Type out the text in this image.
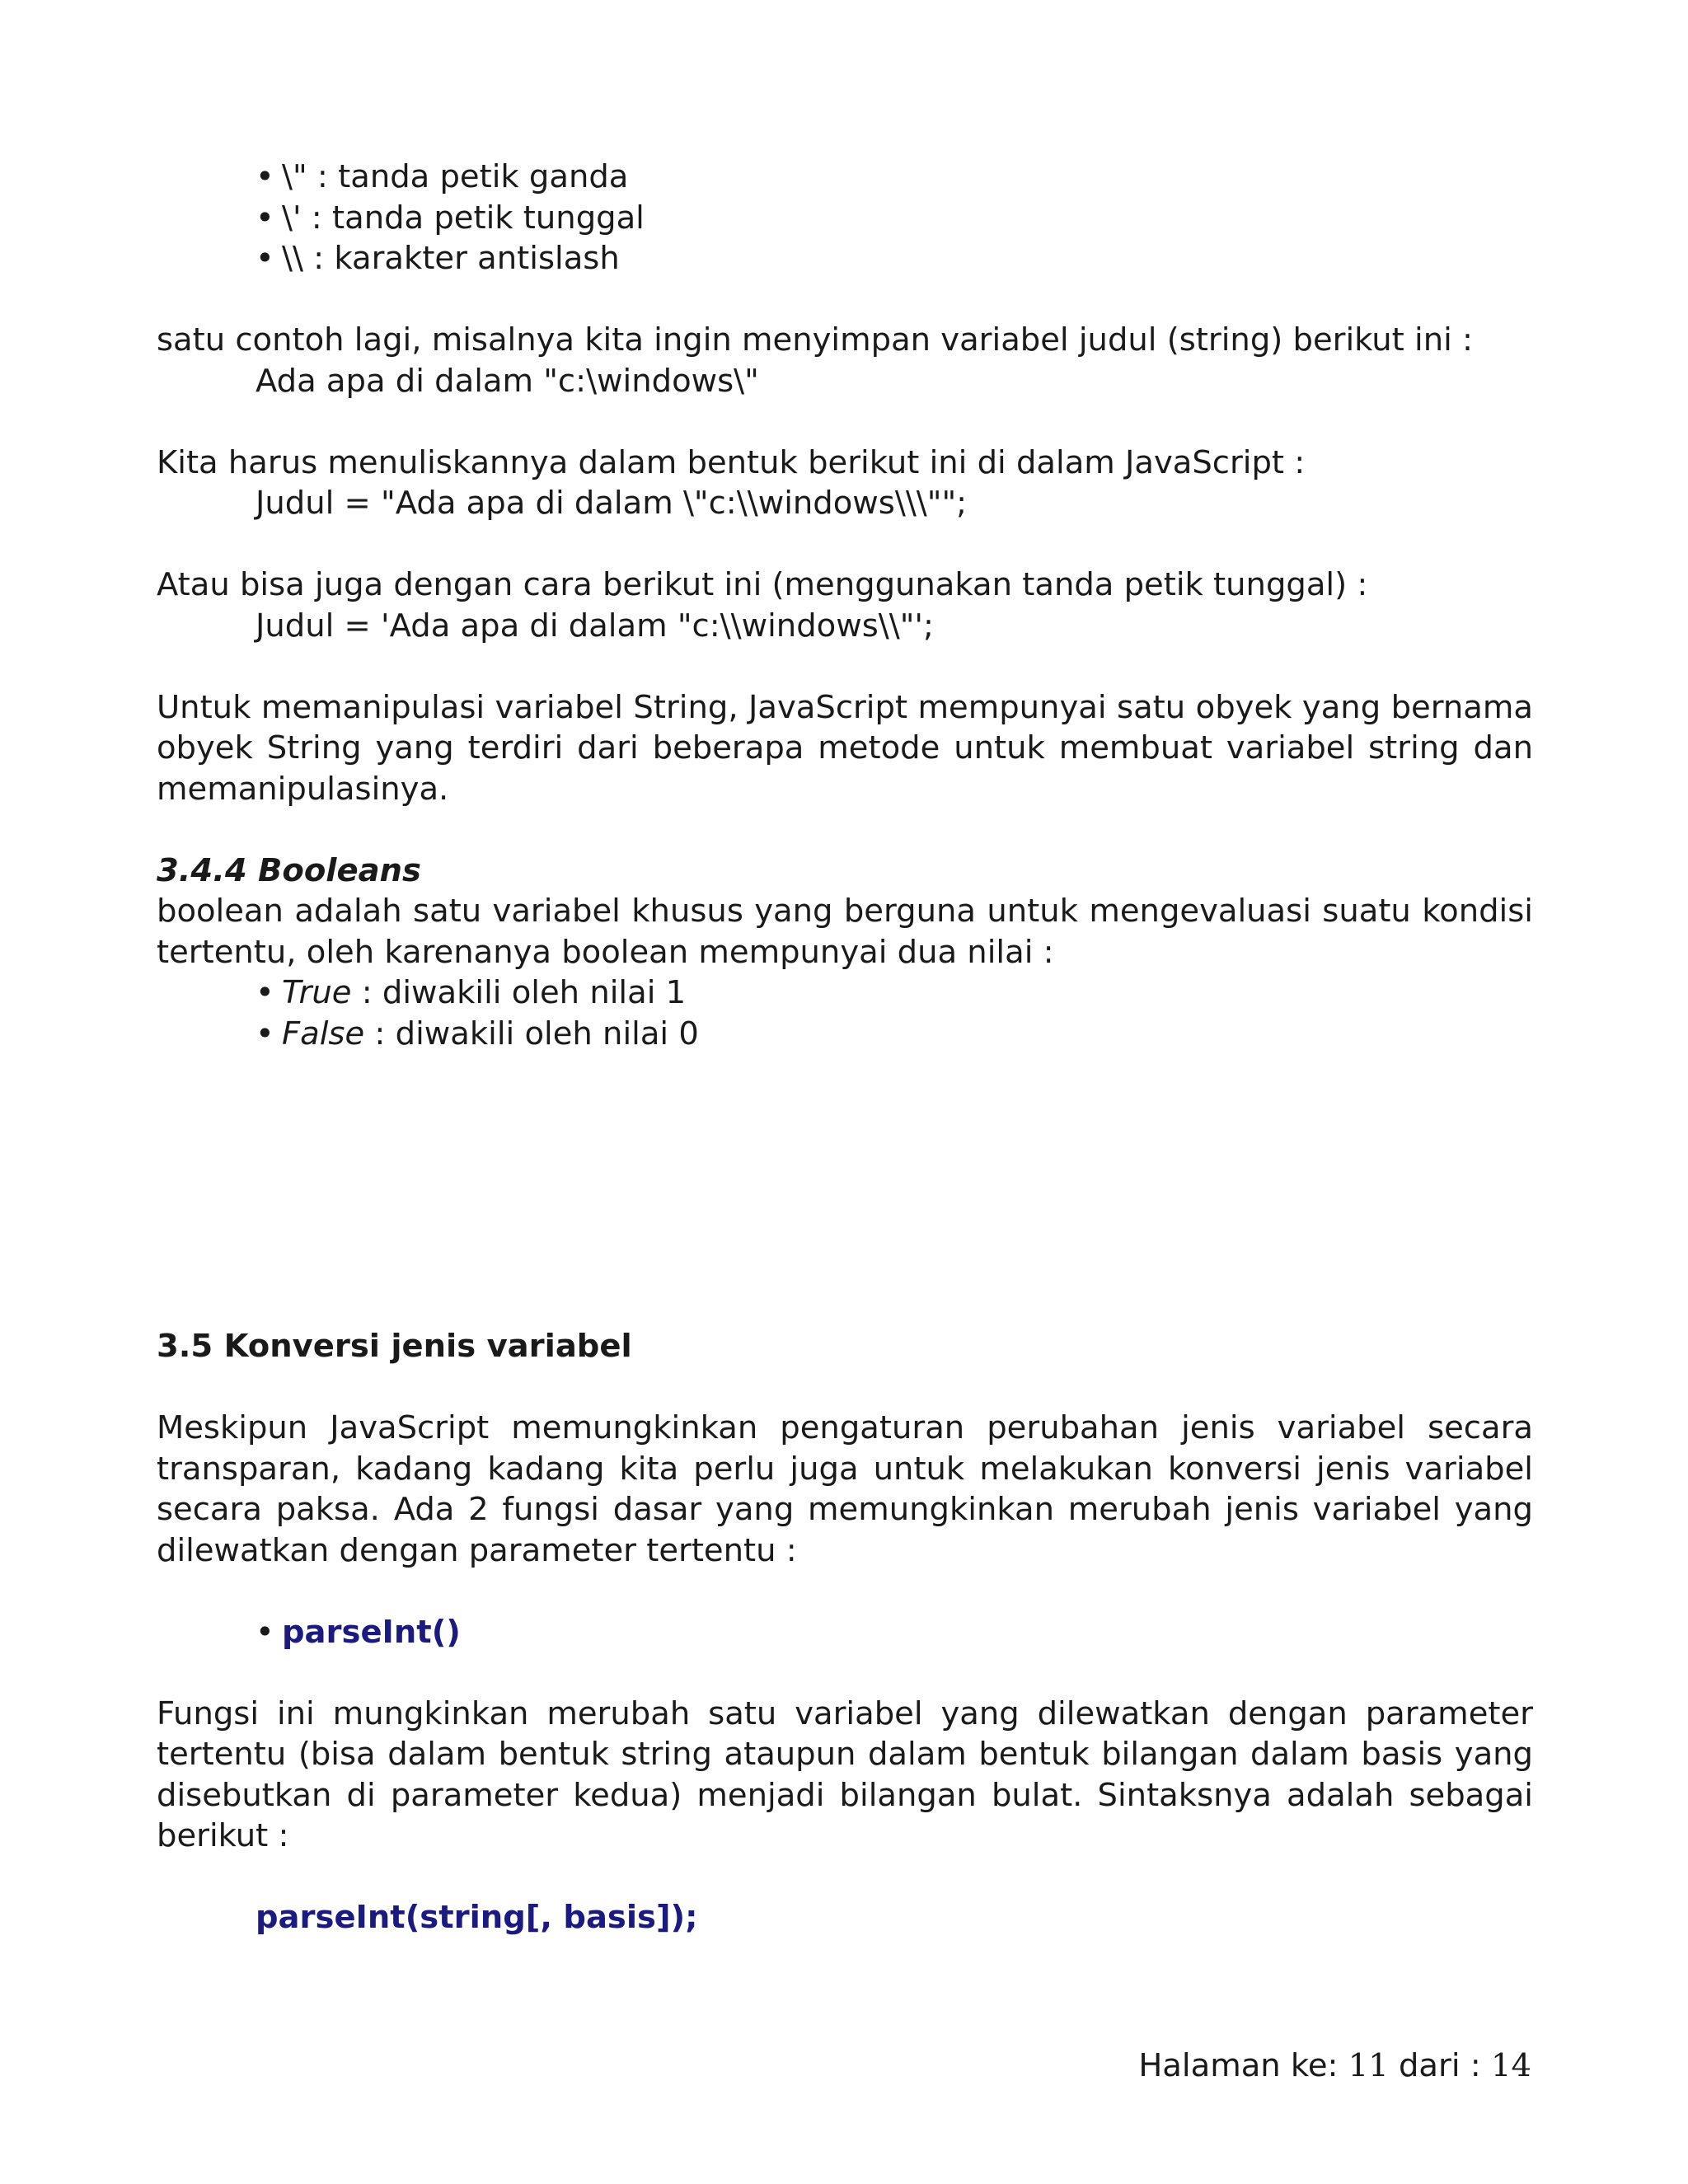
• \" : tanda petik ganda
• \' : tanda petik tunggal
• \\ : karakter antislash

satu contoh lagi, misalnya kita ingin menyimpan variabel judul (string) berikut ini :

Ada apa di dalam "c:\windows\"

Kita harus menuliskannya dalam bentuk berikut ini di dalam JavaScript :

Judul = "Ada apa di dalam \"c:\\windows\\\"";

Atau bisa juga dengan cara berikut ini (menggunakan tanda petik tunggal) :

Judul = 'Ada apa di dalam "c:\\windows\\"';

Untuk memanipulasi variabel String, JavaScript mempunyai satu obyek yang bernama obyek String yang terdiri dari beberapa metode untuk membuat variabel string dan memanipulasinya.

3.4.4 Booleans

boolean adalah satu variabel khusus yang berguna untuk mengevaluasi suatu kondisi tertentu, oleh karenanya boolean mempunyai dua nilai :

• True : diwakili oleh nilai 1
• False : diwakili oleh nilai 0
3.5 Konversi jenis variabel

Meskipun JavaScript memungkinkan pengaturan perubahan jenis variabel secara transparan, kadang kadang kita perlu juga untuk melakukan konversi jenis variabel secara paksa. Ada 2 fungsi dasar yang memungkinkan merubah jenis variabel yang dilewatkan dengan parameter tertentu :

• parseInt()

Fungsi ini mungkinkan merubah satu variabel yang dilewatkan dengan parameter tertentu (bisa dalam bentuk string ataupun dalam bentuk bilangan dalam basis yang disebutkan di parameter kedua) menjadi bilangan bulat. Sintaksnya adalah sebagai berikut :

parseInt(string[, basis]);

Halaman ke: 11 dari : 14
